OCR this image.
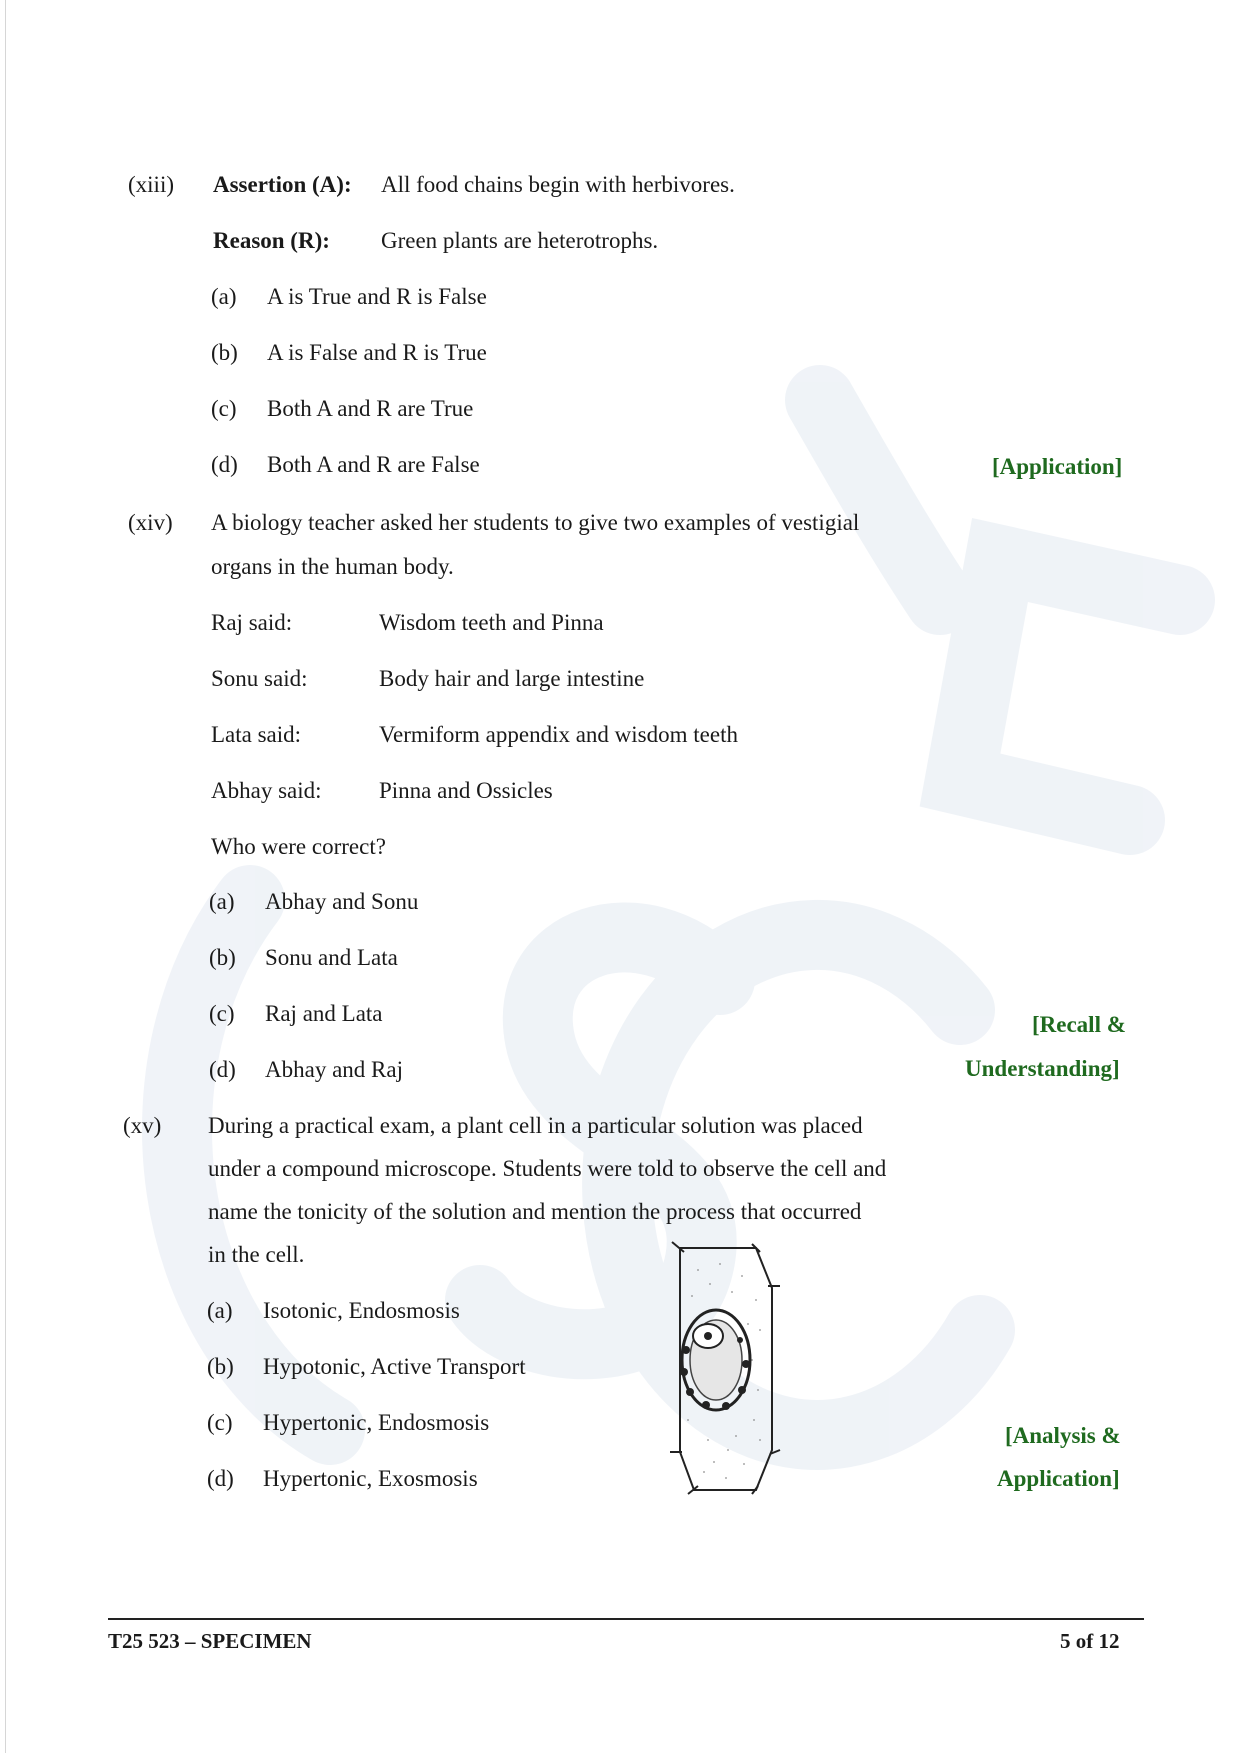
(xiii) Assertion (A): All food chains begin with herbivores.
Reason (R): Green plants are heterotrophs.
(a) A is True and R is False
(b) A is False and R is True
(c) Both A and R are True
(d) Both A and R are False	[Application]
(xiv) A biology teacher asked her students to give two examples of vestigial
organs in the human body.
Raj said:	Wisdom teeth and Pinna
Sonu said:	Body hair and large intestine
Lata said:	Vermiform appendix and wisdom teeth
Abhay said: Pinna and Ossicles
Who were correct?
(a) Abhay and Sonu
(b) Sonu and Lata
(c) Raj and Lata
(d) Abhay and Raj
[Recall &
Understanding]
(xv) During a practical exam, a plant cell in a particular solution was placed
under a compound microscope. Students were told to observe the cell and
name the tonicity of the solution and mention the process that occurred
in the cell.
(a) Isotonic, Endosmosis
(b) Hypotonic, Active Transport
(c) Hypertonic, Endosmosis
(d) Hypertonic, Exosmosis
[Analysis &
Application]
T25 523 – SPECIMEN	5 of 12
